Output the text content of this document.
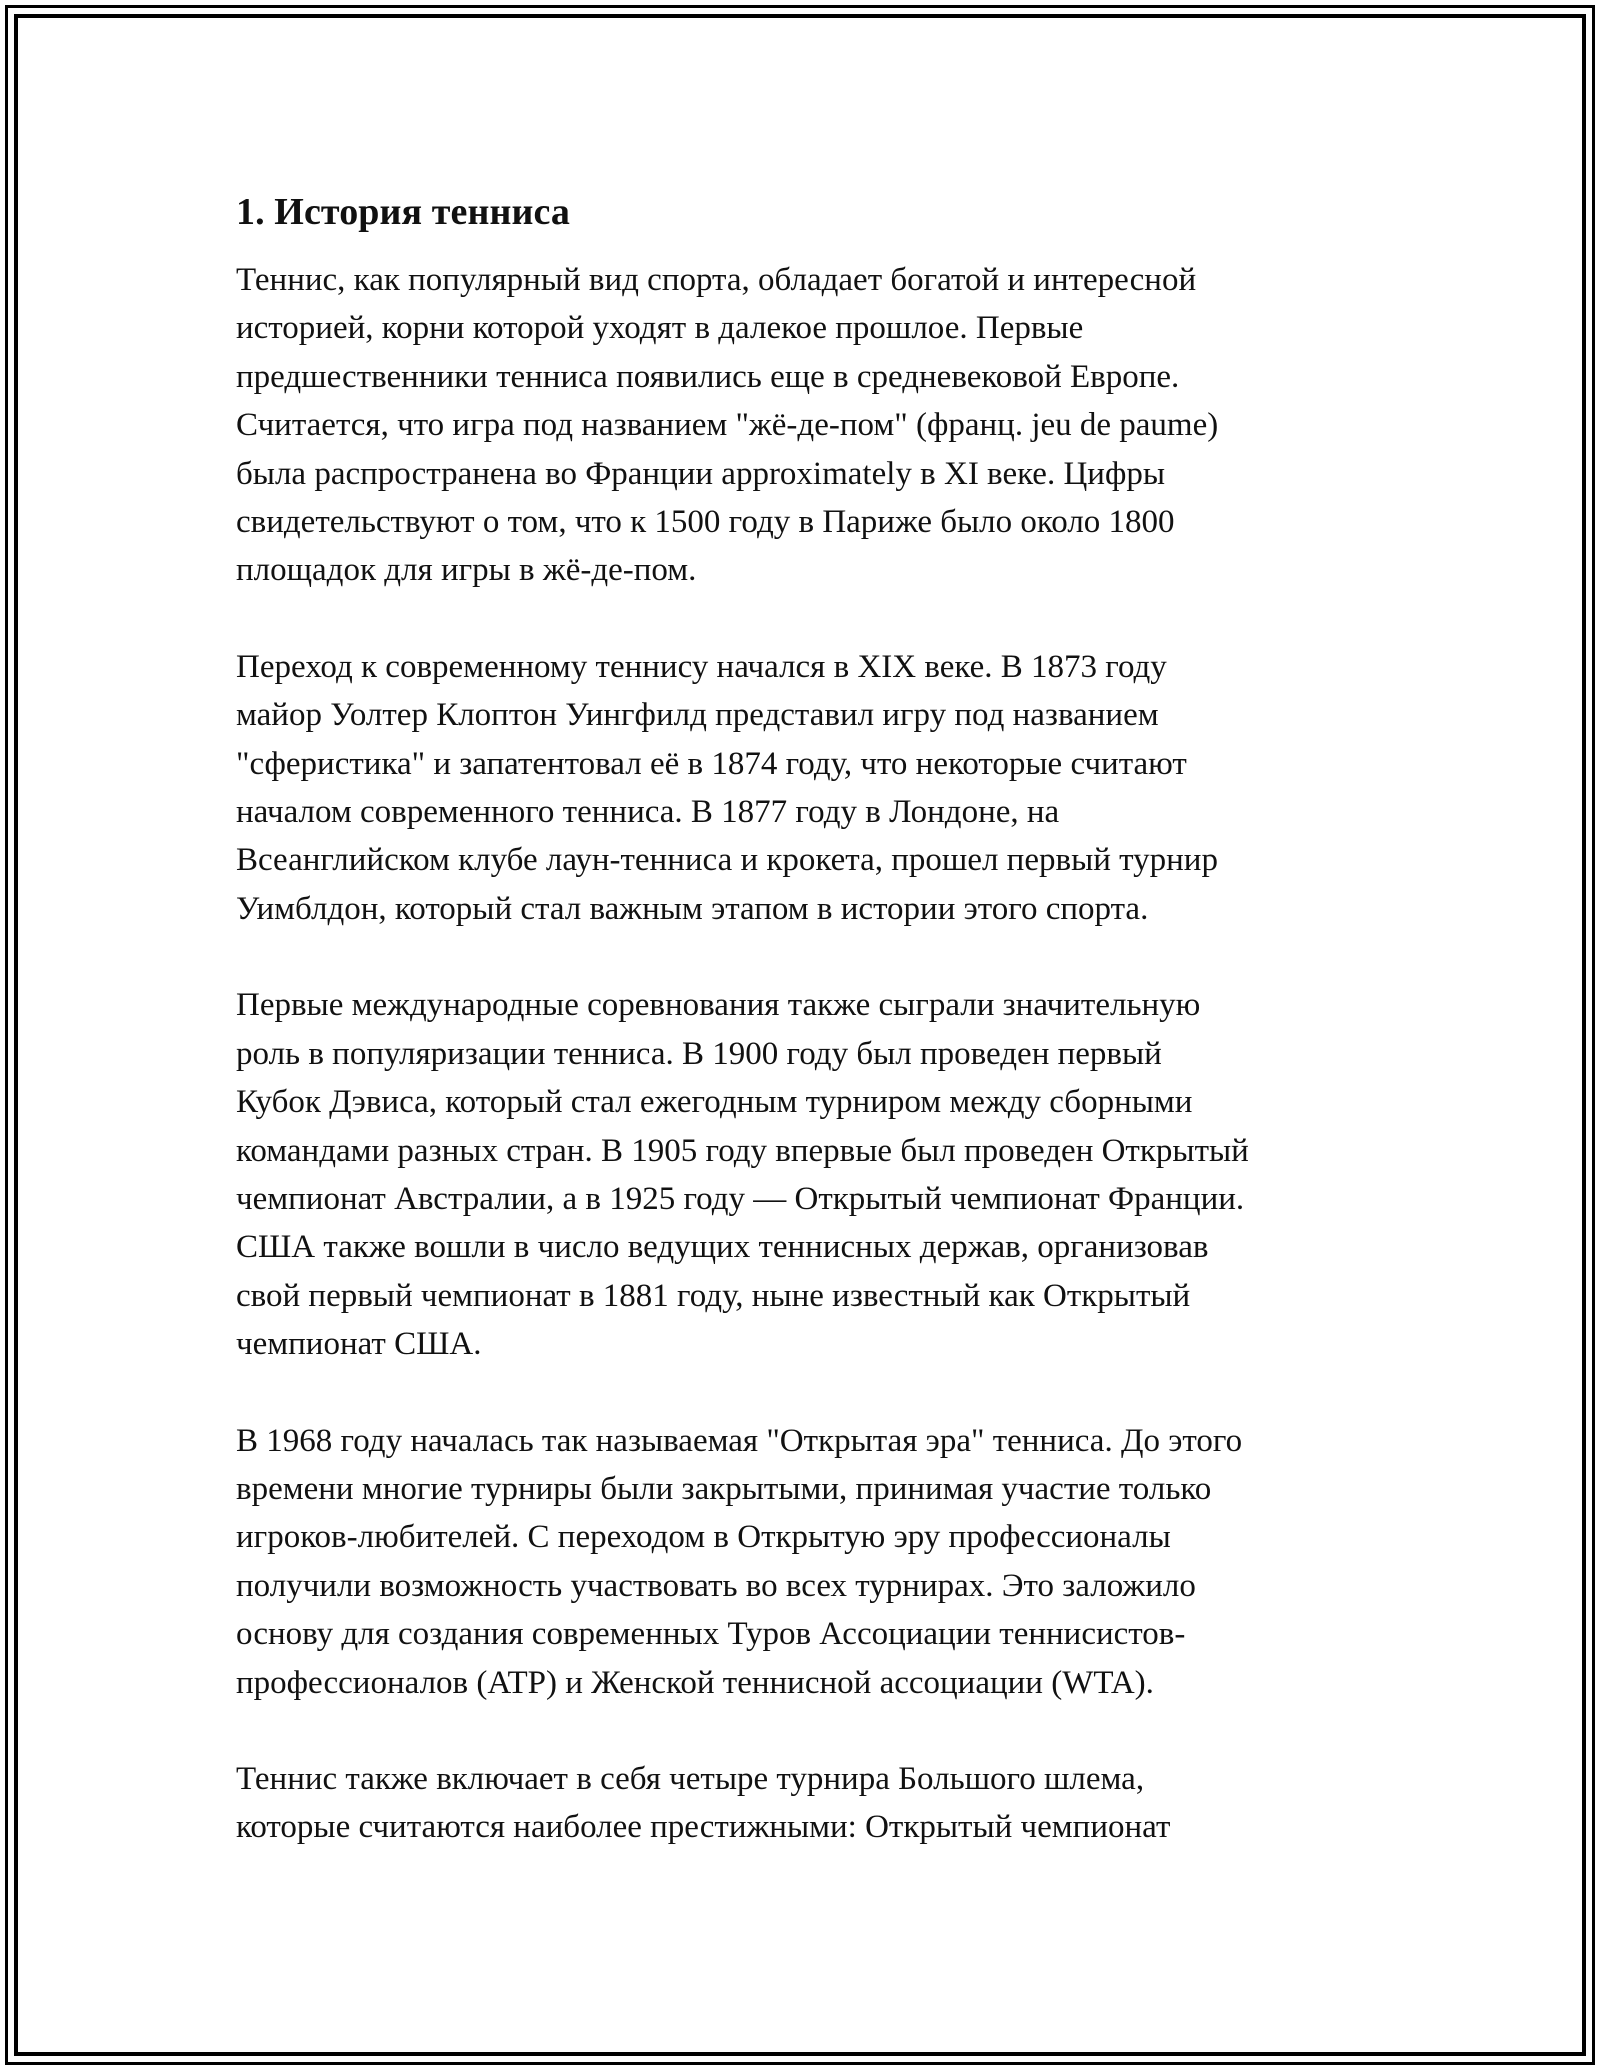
1. История тенниса

Теннис, как популярный вид спорта, обладает богатой и интересной
историей, корни которой уходят в далекое прошлое. Первые
предшественники тенниса появились еще в средневековой Европе.
Считается, что игра под названием "жё-де-пом" (франц. jeu de paume)
была распространена во Франции approximately в XI веке. Цифры
свидетельствуют о том, что к 1500 году в Париже было около 1800
площадок для игры в жё-де-пом.

Переход к современному теннису начался в XIX веке. В 1873 году
майор Уолтер Клоптон Уингфилд представил игру под названием
"сферистика" и запатентовал её в 1874 году, что некоторые считают
началом современного тенниса. В 1877 году в Лондоне, на
Всеанглийском клубе лаун-тенниса и крокета, прошел первый турнир
Уимблдон, который стал важным этапом в истории этого спорта.

Первые международные соревнования также сыграли значительную
роль в популяризации тенниса. В 1900 году был проведен первый
Кубок Дэвиса, который стал ежегодным турниром между сборными
командами разных стран. В 1905 году впервые был проведен Открытый
чемпионат Австралии, а в 1925 году — Открытый чемпионат Франции.
США также вошли в число ведущих теннисных держав, организовав
свой первый чемпионат в 1881 году, ныне известный как Открытый
чемпионат США.

В 1968 году началась так называемая "Открытая эра" тенниса. До этого
времени многие турниры были закрытыми, принимая участие только
игроков-любителей. С переходом в Открытую эру профессионалы
получили возможность участвовать во всех турнирах. Это заложило
основу для создания современных Туров Ассоциации теннисистов-
профессионалов (ATP) и Женской теннисной ассоциации (WTA).

Теннис также включает в себя четыре турнира Большого шлема,
которые считаются наиболее престижными: Открытый чемпионат
